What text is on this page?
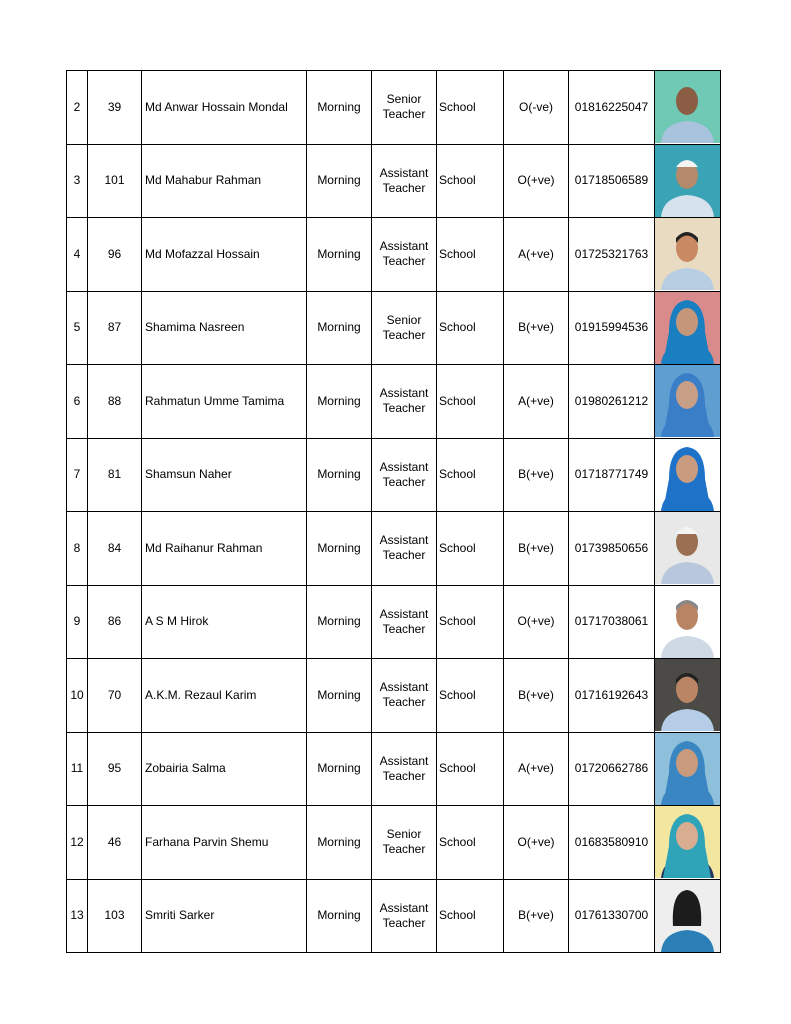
2	39	Md Anwar Hossain Mondal	Morning	Senior
Teacher	School	O(-ve)	01816225047	

3	101	Md Mahabur Rahman	Morning	Assistant
Teacher	School	O(+ve)	01718506589	

4	96	Md Mofazzal Hossain	Morning	Assistant
Teacher	School	A(+ve)	01725321763	

5	87	Shamima Nasreen	Morning	Senior
Teacher	School	B(+ve)	01915994536	

6	88	Rahmatun Umme Tamima	Morning	Assistant
Teacher	School	A(+ve)	01980261212	

7	81	Shamsun Naher	Morning	Assistant
Teacher	School	B(+ve)	01718771749	

8	84	Md Raihanur Rahman	Morning	Assistant
Teacher	School	B(+ve)	01739850656	

9	86	A S M Hirok	Morning	Assistant
Teacher	School	O(+ve)	01717038061	

10	70	A.K.M. Rezaul Karim	Morning	Assistant
Teacher	School	B(+ve)	01716192643	

11	95	Zobairia Salma	Morning	Assistant
Teacher	School	A(+ve)	01720662786	

12	46	Farhana Parvin Shemu	Morning	Senior
Teacher	School	O(+ve)	01683580910	

13	103	Smriti Sarker	Morning	Assistant
Teacher	School	B(+ve)	01761330700	
